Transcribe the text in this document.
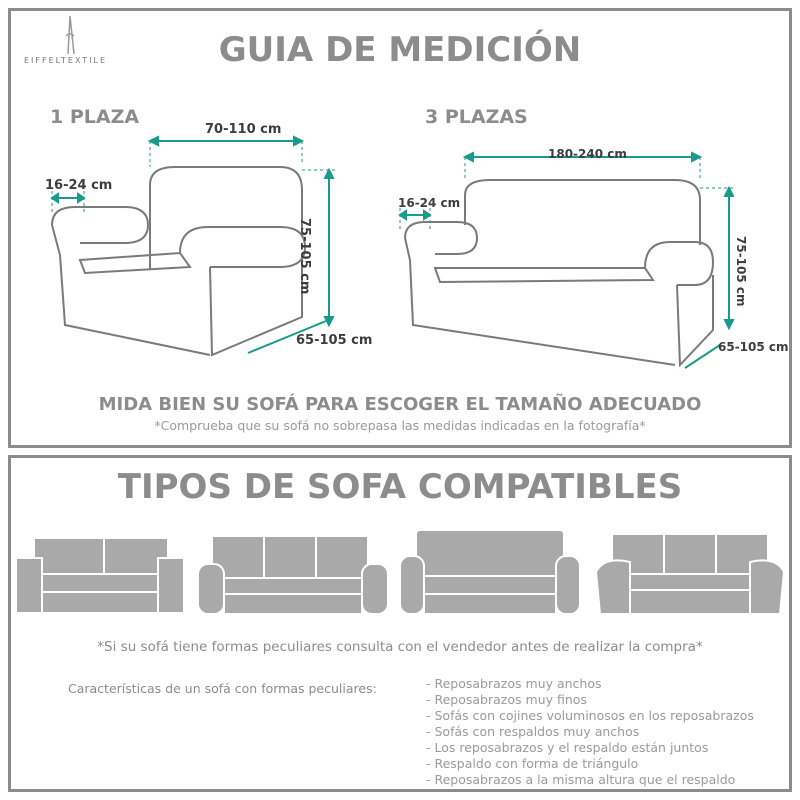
EIFFELTEXTILE	GUIA DE MEDICIÓN
1 PLAZA	3 PLAZAS
70-110 cm
16-24 cm
75-105 cm
65-105 cm
180-240 cm
16-24 cm
75-105 cm
65-105 cm
MIDA BIEN SU SOFÁ PARA ESCOGER EL TAMAÑO ADECUADO
*Comprueba que su sofá no sobrepasa las medidas indicadas en la fotografía*
TIPOS DE SOFA COMPATIBLES
*Si su sofá tiene formas peculiares consulta con el vendedor antes de realizar la compra*
Características de un sofá con formas peculiares:	- Reposabrazos muy anchos
- Reposabrazos muy finos
- Sofás con cojines voluminosos en los reposabrazos
- Sofás con respaldos muy anchos
- Los reposabrazos y el respaldo están juntos
- Respaldo con forma de triángulo
- Reposabrazos a la misma altura que el respaldo
